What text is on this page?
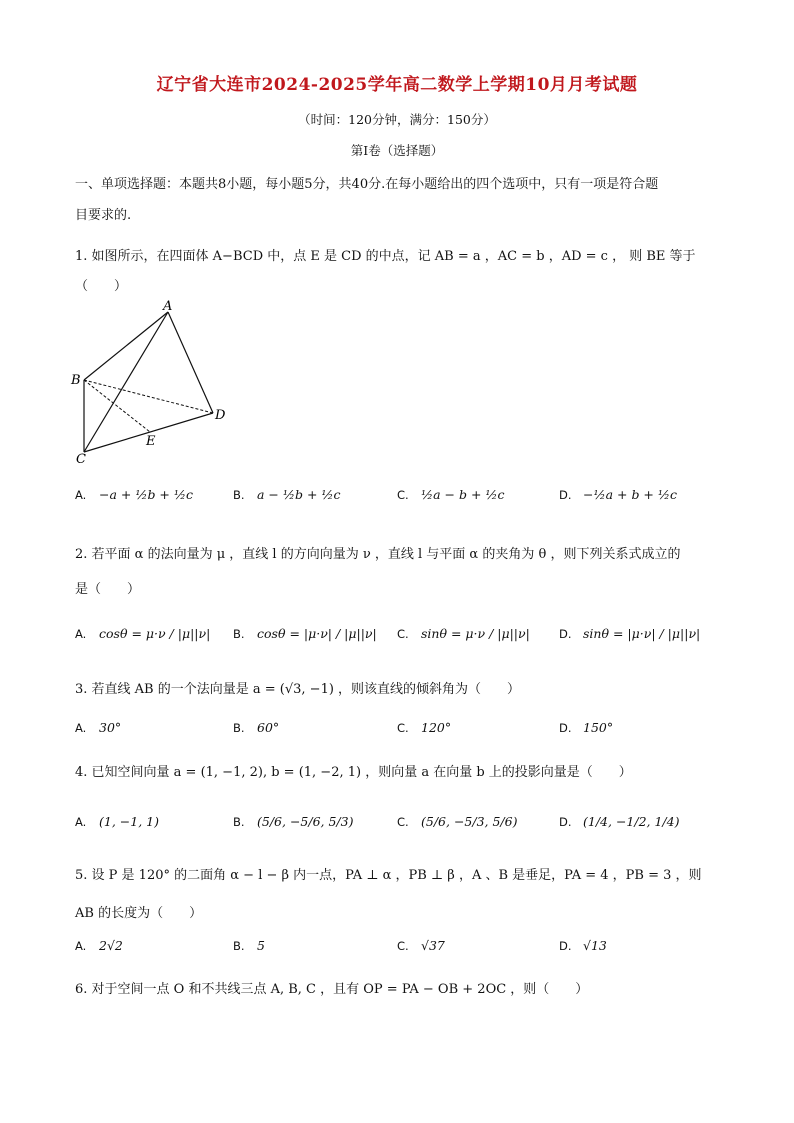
辽宁省大连市2024-2025学年高二数学上学期10月月考试题
（时间：120分钟，满分：150分）
第Ⅰ卷（选择题）
一、单项选择题：本题共8小题，每小题5分，共40分.在每小题给出的四个选项中，只有一项是符合题
目要求的.
1. 如图所示，在四面体 A−BCD 中，点 E 是 CD 的中点，记 AB = a ，AC = b ，AD = c ， 则 BE 等于
（　　）
A
B
C
D
E
A. −a + ½b + ½c	B. a − ½b + ½c	C. ½a − b + ½c	D. −½a + b + ½c
2. 若平面 α 的法向量为 μ ，直线 l 的方向向量为 ν ，直线 l 与平面 α 的夹角为 θ ，则下列关系式成立的
是（　　）
A. cosθ = μ·ν / |μ||ν| B. cosθ = |μ·ν| / |μ||ν| C. sinθ = μ·ν / |μ||ν|	D. sinθ = |μ·ν| / |μ||ν|
3. 若直线 AB 的一个法向量是 a = (√3, −1) ，则该直线的倾斜角为（　　）
A. 30°	B. 60°	C. 120°	D. 150°
4. 已知空间向量 a = (1, −1, 2), b = (1, −2, 1) ，则向量 a 在向量 b 上的投影向量是（　　）
A. (1, −1, 1)	B. (5/6, −5/6, 5/3)	C. (5/6, −5/3, 5/6)	D. (1/4, −1/2, 1/4)
5. 设 P 是 120° 的二面角 α − l − β 内一点，PA ⊥ α ，PB ⊥ β ，A 、B 是垂足，PA = 4 ，PB = 3 ，则
AB 的长度为（　　）
A. 2√2	B. 5	C. √37	D. √13
6. 对于空间一点 O 和不共线三点 A, B, C ，且有 OP = PA − OB + 2OC ，则（　　）
